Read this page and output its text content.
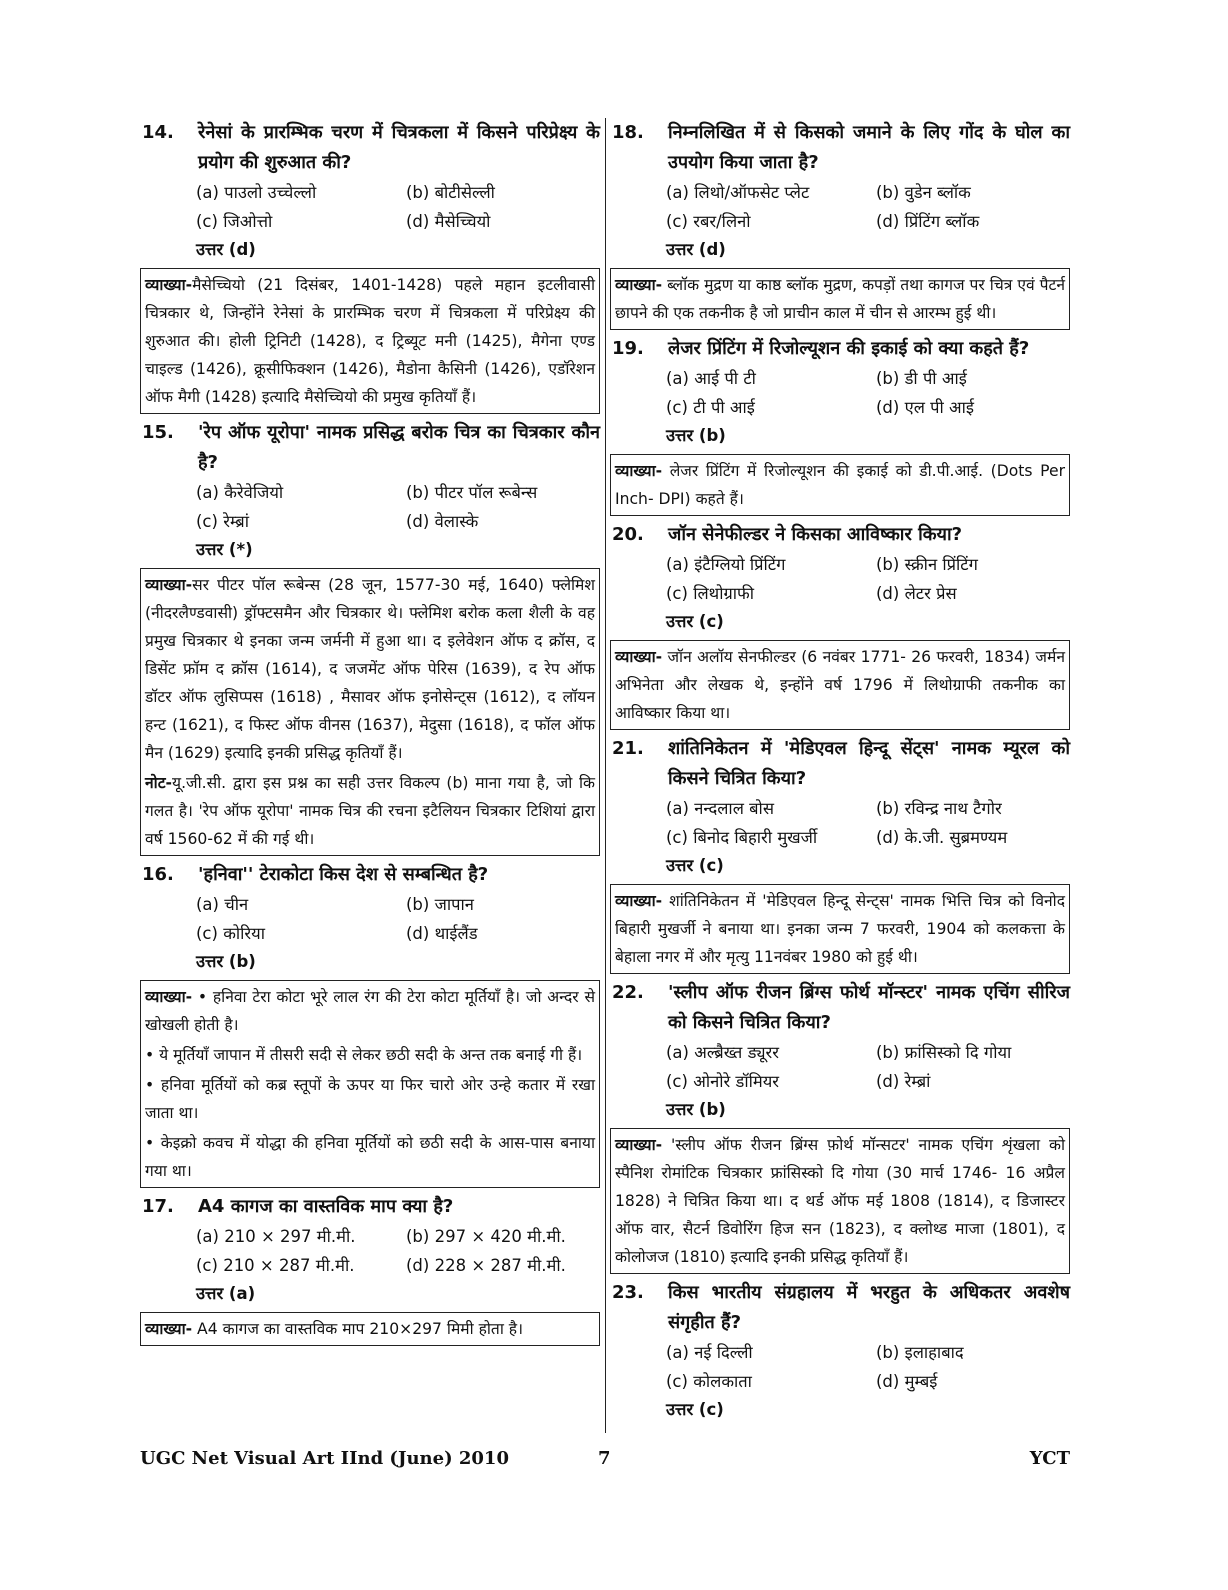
14.	रेनेसां के प्रारम्भिक चरण में चित्रकला में किसने परिप्रेक्ष्य के प्रयोग की शुरुआत की?
(a) पाउलो उच्चेल्लो	(b) बोटीसेल्ली
(c) जिओत्तो	(d) मैसेच्चियो
उत्तर (d)

व्याख्या-मैसेच्चियो (21 दिसंबर, 1401-1428) पहले महान इटलीवासी चित्रकार थे, जिन्होंने रेनेसां के प्रारम्भिक चरण में चित्रकला में परिप्रेक्ष्य की शुरुआत की। होली ट्रिनिटी (1428), द ट्रिब्यूट मनी (1425), मैगेना एण्ड चाइल्ड (1426), क्रूसीफिक्शन (1426), मैडोना कैसिनी (1426), एडॉरेशन ऑफ मैगी (1428) इत्यादि मैसेच्चियो की प्रमुख कृतियाँ हैं।

15.	'रेप ऑफ यूरोपा' नामक प्रसिद्ध बरोक चित्र का चित्रकार कौन है?
(a) कैरेवेजियो	(b) पीटर पॉल रूबेन्स
(c) रेम्ब्रां	(d) वेलास्के
उत्तर (*)

व्याख्या-सर पीटर पॉल रूबेन्स (28 जून, 1577-30 मई, 1640) फ्लेमिश (नीदरलैण्डवासी) ड्रॉफ्टसमैन और चित्रकार थे। फ्लेमिश बरोक कला शैली के वह प्रमुख चित्रकार थे इनका जन्म जर्मनी में हुआ था। द इलेवेशन ऑफ द क्रॉस, द डिसेंट फ्रॉम द क्रॉस (1614), द जजमेंट ऑफ पेरिस (1639), द रेप ऑफ डॉटर ऑफ लुसिप्पस (1618) , मैसावर ऑफ इनोसेन्ट्स (1612), द लॉयन हन्ट (1621), द फिस्ट ऑफ वीनस (1637), मेदुसा (1618), द फॉल ऑफ मैन (1629) इत्यादि इनकी प्रसिद्ध कृतियाँ हैं।

नोट-यू.जी.सी. द्वारा इस प्रश्न का सही उत्तर विकल्प (b) माना गया है, जो कि गलत है। 'रेप ऑफ यूरोपा' नामक चित्र की रचना इटैलियन चित्रकार टिशियां द्वारा वर्ष 1560-62 में की गई थी।

16.	'हनिवा'' टेराकोटा किस देश से सम्बन्धित है?
(a) चीन	(b) जापान
(c) कोरिया	(d) थाईलैंड
उत्तर (b)

व्याख्या- • हनिवा टेरा कोटा भूरे लाल रंग की टेरा कोटा मूर्तियाँ है। जो अन्दर से खोखली होती है।

• ये मूर्तियाँ जापान में तीसरी सदी से लेकर छठी सदी के अन्त तक बनाई गी हैं।

• हनिवा मूर्तियों को कब्र स्तूपों के ऊपर या फिर चारो ओर उन्हे कतार में रखा जाता था।

• केइक्रो कवच में योद्धा की हनिवा मूर्तियों को छठी सदी के आस-पास बनाया गया था।

17.	A4 कागज का वास्तविक माप क्या है?
(a) 210 × 297 मी.मी.	(b) 297 × 420 मी.मी.
(c) 210 × 287 मी.मी.	(d) 228 × 287 मी.मी.
उत्तर (a)

व्याख्या- A4 कागज का वास्तविक माप 210×297 मिमी होता है।

18.	निम्नलिखित में से किसको जमाने के लिए गोंद के घोल का उपयोग किया जाता है?
(a) लिथो/ऑफसेट प्लेट	(b) वुडेन ब्लॉक
(c) रबर/लिनो	(d) प्रिंटिंग ब्लॉक
उत्तर (d)

व्याख्या- ब्लॉक मुद्रण या काष्ठ ब्लॉक मुद्रण, कपड़ों तथा कागज पर चित्र एवं पैटर्न छापने की एक तकनीक है जो प्राचीन काल में चीन से आरम्भ हुई थी।

19.	लेजर प्रिंटिंग में रिजोल्यूशन की इकाई को क्या कहते हैं?
(a) आई पी टी	(b) डी पी आई
(c) टी पी आई	(d) एल पी आई
उत्तर (b)

व्याख्या- लेजर प्रिंटिंग में रिजोल्यूशन की इकाई को डी.पी.आई. (Dots Per Inch- DPI) कहते हैं।

20.	जॉन सेनेफील्डर ने किसका आविष्कार किया?
(a) इंटैग्लियो प्रिंटिंग	(b) स्क्रीन प्रिंटिंग
(c) लिथोग्राफी	(d) लेटर प्रेस
उत्तर (c)

व्याख्या- जॉन अलॉय सेनफील्डर (6 नवंबर 1771- 26 फरवरी, 1834) जर्मन अभिनेता और लेखक थे, इन्होंने वर्ष 1796 में लिथोग्राफी तकनीक का आविष्कार किया था।

21.	शांतिनिकेतन में 'मेडिएवल हिन्दू सेंट्स' नामक म्यूरल को किसने चित्रित किया?
(a) नन्दलाल बोस	(b) रविन्द्र नाथ टैगोर
(c) बिनोद बिहारी मुखर्जी	(d) के.जी. सुब्रमण्यम
उत्तर (c)

व्याख्या- शांतिनिकेतन में 'मेडिएवल हिन्दू सेन्ट्स' नामक भित्ति चित्र को विनोद बिहारी मुखर्जी ने बनाया था। इनका जन्म 7 फरवरी, 1904 को कलकत्ता के बेहाला नगर में और मृत्यु 11नवंबर 1980 को हुई थी।

22.	'स्लीप ऑफ रीजन ब्रिंग्स फोर्थ मॉन्स्टर' नामक एचिंग सीरिज को किसने चित्रित किया?
(a) अल्ब्रैख्त ड्यूरर	(b) फ्रांसिस्को दि गोया
(c) ओनोरे डॉमियर	(d) रेम्ब्रां
उत्तर (b)

व्याख्या- 'स्लीप ऑफ रीजन ब्रिंग्स फ़ोर्थ मॉन्सटर' नामक एचिंग शृंखला को स्पैनिश रोमांटिक चित्रकार फ्रांसिस्को दि गोया (30 मार्च 1746- 16 अप्रैल 1828) ने चित्रित किया था। द थर्ड ऑफ मई 1808 (1814), द डिजास्टर ऑफ वार, सैटर्न डिवोरिंग हिज सन (1823), द क्लोथ्ड माजा (1801), द कोलोजज (1810) इत्यादि इनकी प्रसिद्ध कृतियाँ हैं।

23.	किस भारतीय संग्रहालय में भरहुत के अधिकतर अवशेष संगृहीत हैं?
(a) नई दिल्ली	(b) इलाहाबाद
(c) कोलकाता	(d) मुम्बई
उत्तर (c)
UGC Net Visual Art IInd (June) 2010	7	YCT
